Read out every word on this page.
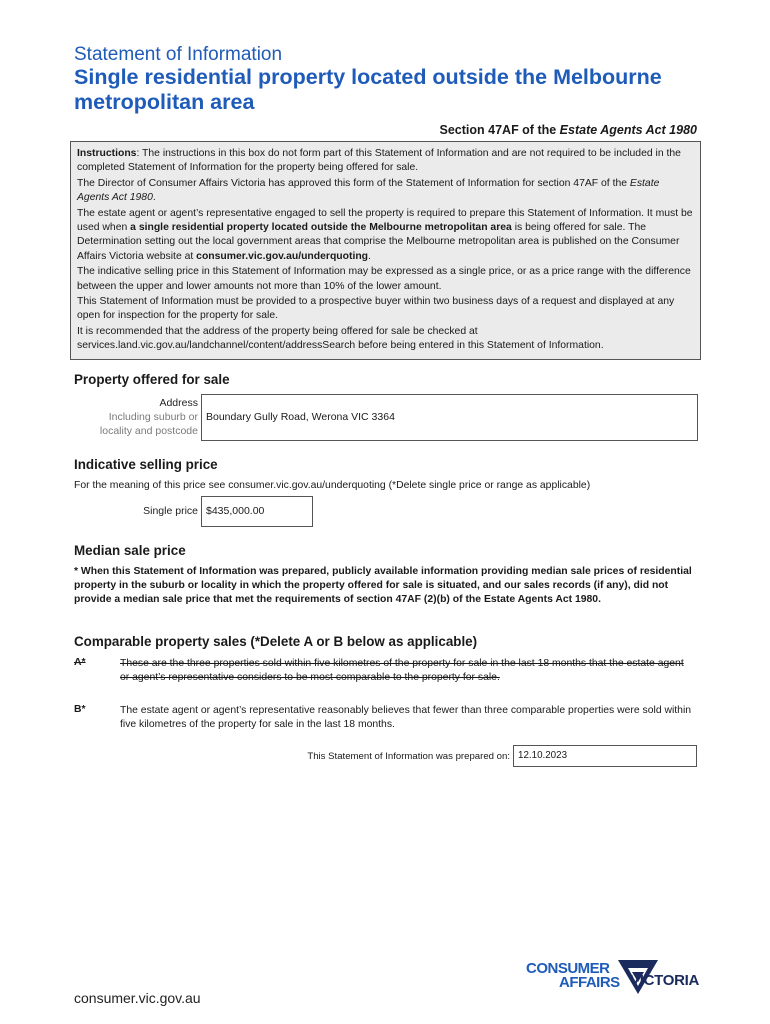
Statement of Information
Single residential property located outside the Melbourne metropolitan area
Section 47AF of the Estate Agents Act 1980

Instructions: The instructions in this box do not form part of this Statement of Information and are not required to be included in the completed Statement of Information for the property being offered for sale.

The Director of Consumer Affairs Victoria has approved this form of the Statement of Information for section 47AF of the Estate Agents Act 1980.

The estate agent or agent’s representative engaged to sell the property is required to prepare this Statement of Information. It must be used when a single residential property located outside the Melbourne metropolitan area is being offered for sale. The Determination setting out the local government areas that comprise the Melbourne metropolitan area is published on the Consumer Affairs Victoria website at consumer.vic.gov.au/underquoting.

The indicative selling price in this Statement of Information may be expressed as a single price, or as a price range with the difference between the upper and lower amounts not more than 10% of the lower amount.

This Statement of Information must be provided to a prospective buyer within two business days of a request and displayed at any open for inspection for the property for sale.

It is recommended that the address of the property being offered for sale be checked at services.land.vic.gov.au/landchannel/content/addressSearch before being entered in this Statement of Information.

Property offered for sale
Address
Including suburb or
locality and postcode
Boundary Gully Road, Werona VIC 3364
Indicative selling price
For the meaning of this price see consumer.vic.gov.au/underquoting (*Delete single price or range as applicable)
Single price $435,000.00
Median sale price
* When this Statement of Information was prepared, publicly available information providing median sale prices of residential property in the suburb or locality in which the property offered for sale is situated, and our sales records (if any), did not provide a median sale price that met the requirements of section 47AF (2)(b) of the Estate Agents Act 1980.
Comparable property sales (*Delete A or B below as applicable)
A*	These are the three properties sold within five kilometres of the property for sale in the last 18 months that the estate agent or agent’s representative considers to be most comparable to the property for sale.
B*	The estate agent or agent’s representative reasonably believes that fewer than three comparable properties were sold within five kilometres of the property for sale in the last 18 months.
This Statement of Information was prepared on: 12.10.2023
CONSUMER
AFFAIRS VICTORIA
consumer.vic.gov.au
